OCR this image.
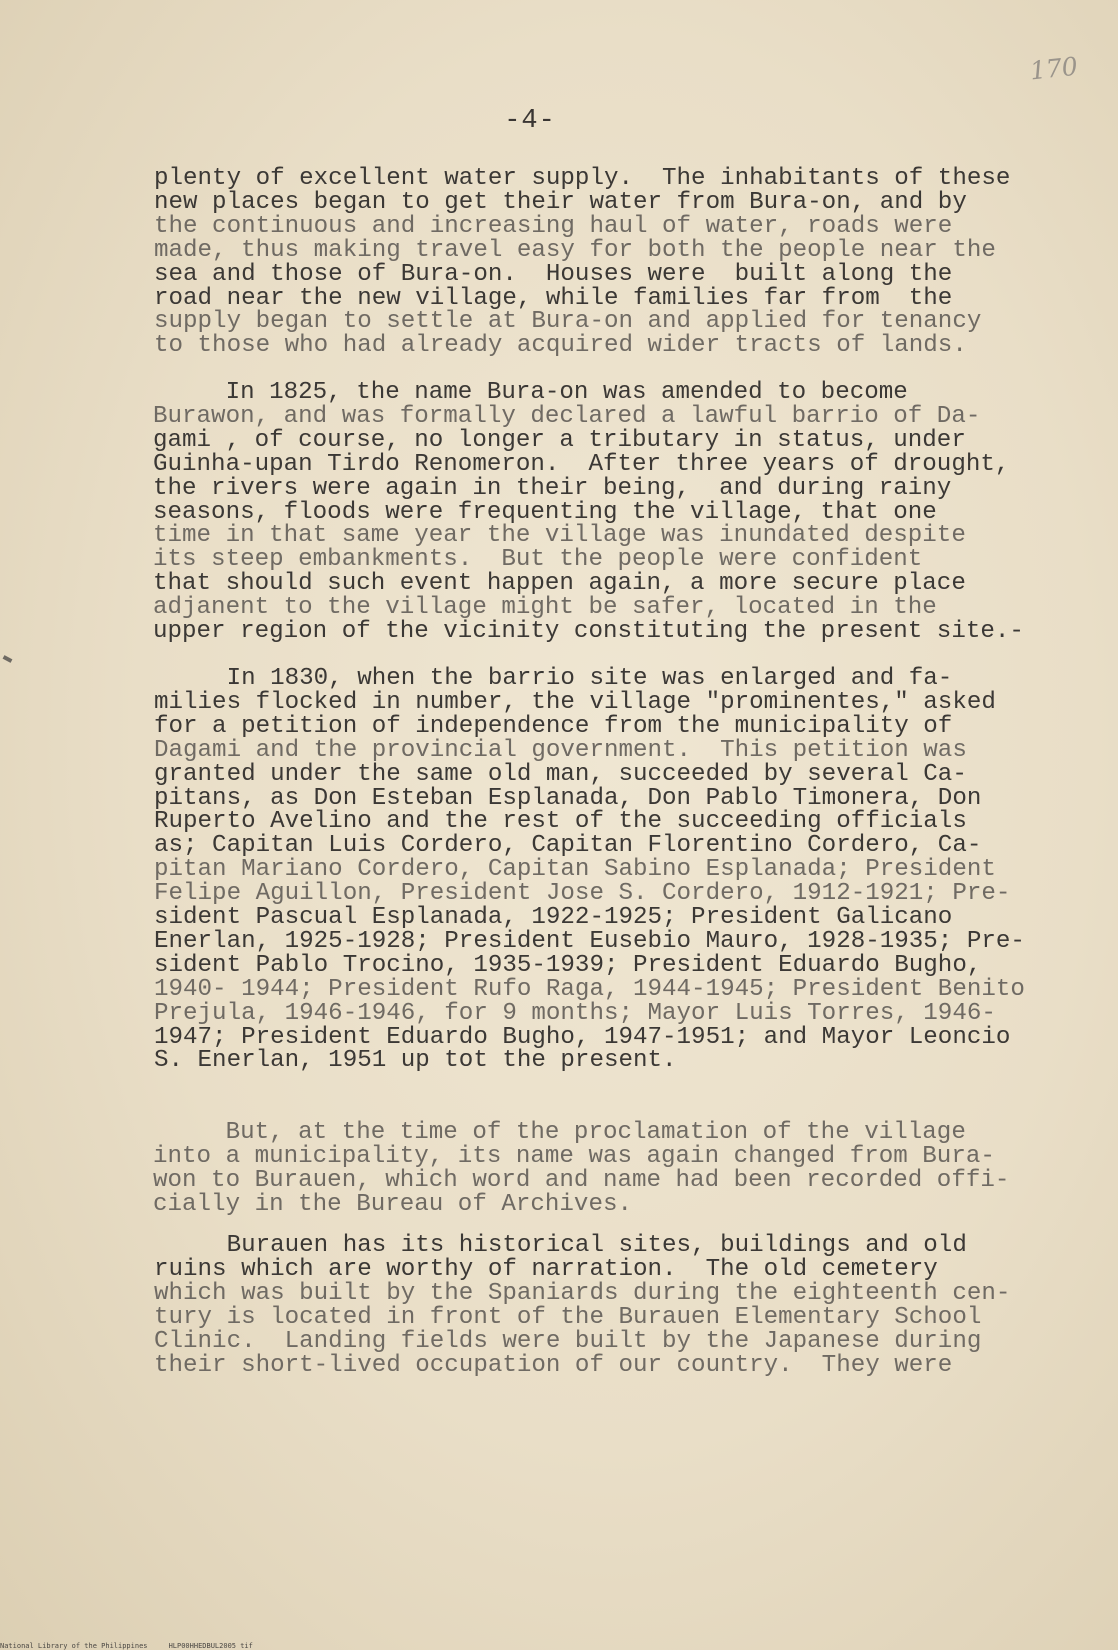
170
-4-
plenty of excellent water supply.  The inhabitants of these
new places began to get their water from Bura-on, and by
the continuous and increasing haul of water, roads were
made, thus making travel easy for both the people near the
sea and those of Bura-on.  Houses were  built along the
road near the new village, while families far from  the
supply began to settle at Bura-on and applied for tenancy
to those who had already acquired wider tracts of lands.
In 1825, the name Bura-on was amended to become
Burawon, and was formally declared a lawful barrio of Da-
gami , of course, no longer a tributary in status, under
Guinha-upan Tirdo Renomeron.  After three years of drought,
the rivers were again in their being,  and during rainy
seasons, floods were frequenting the village, that one
time in that same year the village was inundated despite
its steep embankments.  But the people were confident
that should such event happen again, a more secure place
adjanent to the village might be safer, located in the
upper region of the vicinity constituting the present site.-
In 1830, when the barrio site was enlarged and fa-
milies flocked in number, the village "prominentes," asked
for a petition of independence from the municipality of
Dagami and the provincial government.  This petition was
granted under the same old man, succeeded by several Ca-
pitans, as Don Esteban Esplanada, Don Pablo Timonera, Don
Ruperto Avelino and the rest of the succeeding officials
as; Capitan Luis Cordero, Capitan Florentino Cordero, Ca-
pitan Mariano Cordero, Capitan Sabino Esplanada; President
Felipe Aguillon, President Jose S. Cordero, 1912-1921; Pre-
sident Pascual Esplanada, 1922-1925; President Galicano
Enerlan, 1925-1928; President Eusebio Mauro, 1928-1935; Pre-
sident Pablo Trocino, 1935-1939; President Eduardo Bugho,
1940- 1944; President Rufo Raga, 1944-1945; President Benito
Prejula, 1946-1946, for 9 months; Mayor Luis Torres, 1946-
1947; President Eduardo Bugho, 1947-1951; and Mayor Leoncio
S. Enerlan, 1951 up tot the present.
But, at the time of the proclamation of the village
into a municipality, its name was again changed from Bura-
won to Burauen, which word and name had been recorded offi-
cially in the Bureau of Archives.
Burauen has its historical sites, buildings and old
ruins which are worthy of narration.  The old cemetery
which was built by the Spaniards during the eighteenth cen-
tury is located in front of the Burauen Elementary School
Clinic.  Landing fields were built by the Japanese during
their short-lived occupation of our country.  They were
National Library of the Philippines     HLP00HHEDBUL2005 tif
